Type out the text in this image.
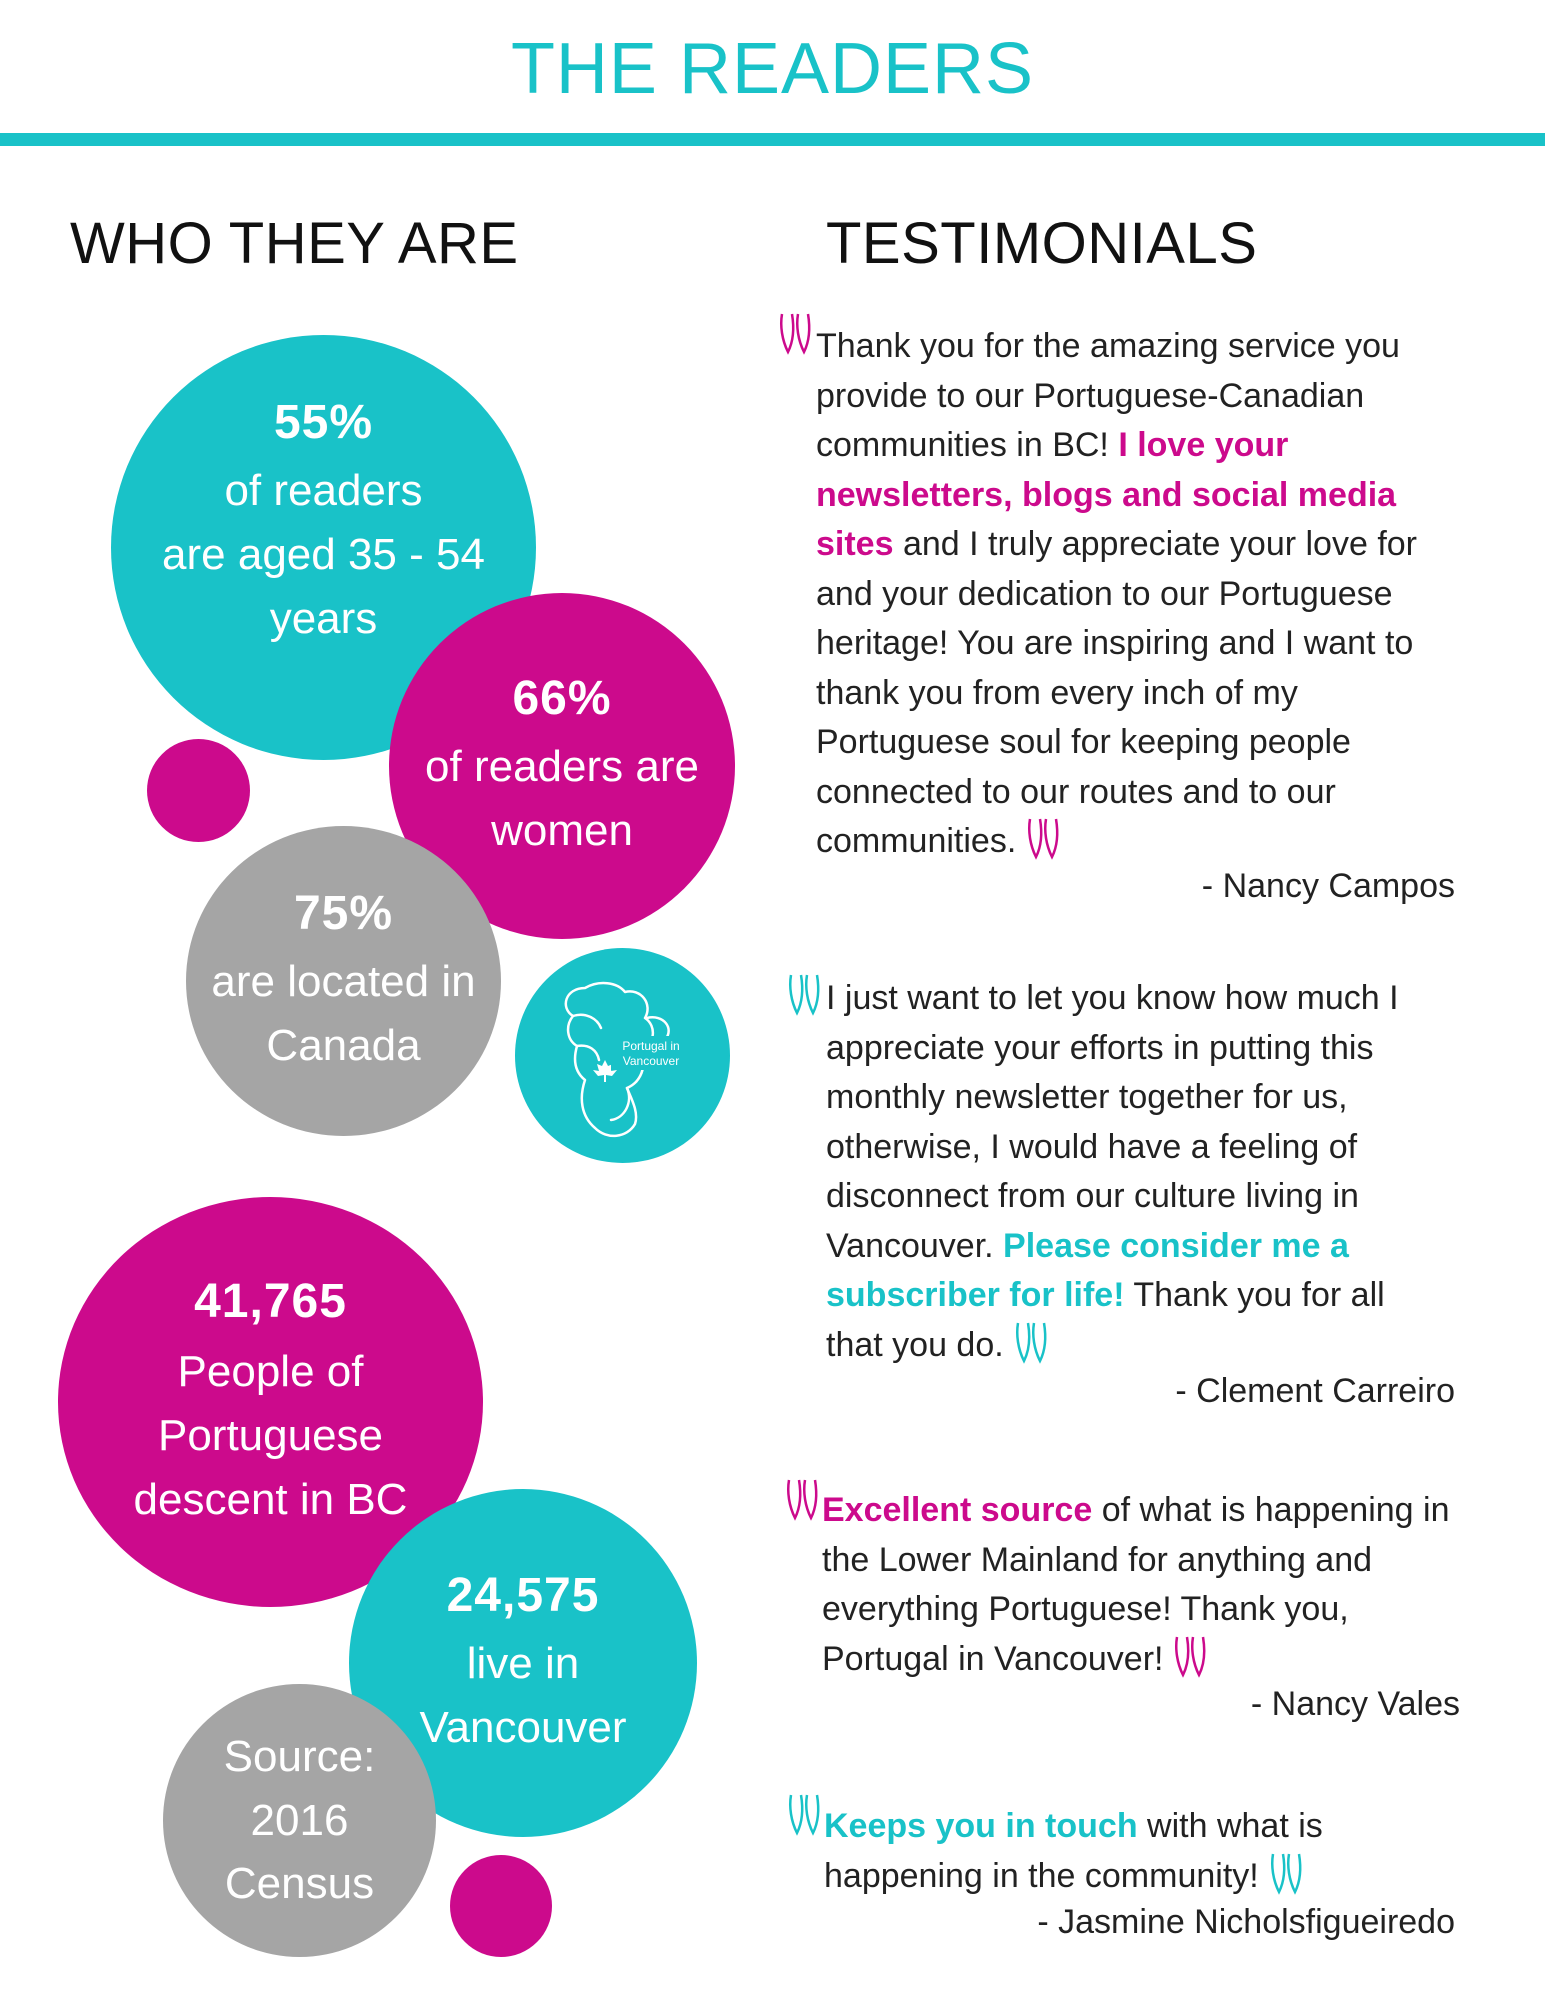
THE READERS
WHO THEY ARE	TESTIMONIALS
55%
of readers
are aged 35 - 54
years
66%
of readers are
women
75%
are located in
Canada	Portugal in
Vancouver
41,765
People of
Portuguese
descent in BC
24,575
live in
Vancouver
Source:
2016
Census
Thank you for the amazing service you provide to our Portuguese-Canadian communities in BC! I love your newsletters, blogs and social media sites and I truly appreciate your love for and your dedication to our Portuguese heritage! You are inspiring and I want to thank you from every inch of my Portuguese soul for keeping people connected to our routes and to our communities.
- Nancy Campos
I just want to let you know how much I appreciate your efforts in putting this monthly newsletter together for us, otherwise, I would have a feeling of disconnect from our culture living in Vancouver. Please consider me a subscriber for life! Thank you for all that you do.
- Clement Carreiro
Excellent source of what is happening in the Lower Mainland for anything and everything Portuguese! Thank you, Portugal in Vancouver!
- Nancy Vales
Keeps you in touch with what is happening in the community!
- Jasmine Nicholsfigueiredo
